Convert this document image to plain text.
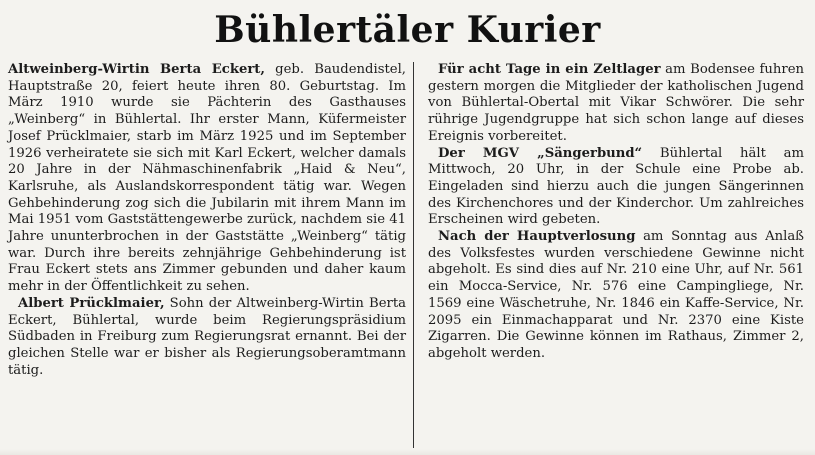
Bühlertäler Kurier

Altweinberg-Wirtin Berta Eckert, geb. Baudendistel, Hauptstraße 20, feiert heute ihren 80. Geburtstag. Im März 1910 wurde sie Pächterin des Gasthauses „Weinberg“ in Bühlertal. Ihr erster Mann, Küfermeister Josef Prücklmaier, starb im März 1925 und im September 1926 verheiratete sie sich mit Karl Eckert, welcher damals 20 Jahre in der Nähmaschinenfabrik „Haid & Neu“, Karlsruhe, als Auslandskorrespondent tätig war. Wegen Gehbehinderung zog sich die Jubilarin mit ihrem Mann im Mai 1951 vom Gaststättengewerbe zurück, nachdem sie 41 Jahre ununterbrochen in der Gaststätte „Weinberg“ tätig war. Durch ihre bereits zehnjährige Gehbehinderung ist Frau Eckert stets ans Zimmer gebunden und daher kaum mehr in der Öffentlichkeit zu sehen.

Albert Prücklmaier, Sohn der Altweinberg-Wirtin Berta Eckert, Bühlertal, wurde beim Regierungspräsidium Südbaden in Freiburg zum Regierungsrat ernannt. Bei der gleichen Stelle war er bisher als Regierungsoberamtmann tätig.

Für acht Tage in ein Zeltlager am Bodensee fuhren gestern morgen die Mitglieder der katholischen Jugend von Bühlertal-Obertal mit Vikar Schwörer. Die sehr rührige Jugendgruppe hat sich schon lange auf dieses Ereignis vorbereitet.

Der MGV „Sängerbund“ Bühlertal hält am Mittwoch, 20 Uhr, in der Schule eine Probe ab. Eingeladen sind hierzu auch die jungen Sängerinnen des Kirchenchores und der Kinderchor. Um zahlreiches Erscheinen wird gebeten.

Nach der Hauptverlosung am Sonntag aus Anlaß des Volksfestes wurden verschiedene Gewinne nicht abgeholt. Es sind dies auf Nr. 210 eine Uhr, auf Nr. 561 ein Mocca-Service, Nr. 576 eine Campingliege, Nr. 1569 eine Wäschetruhe, Nr. 1846 ein Kaffe-Service, Nr. 2095 ein Einmachapparat und Nr. 2370 eine Kiste Zigarren. Die Gewinne können im Rathaus, Zimmer 2, abgeholt werden.
